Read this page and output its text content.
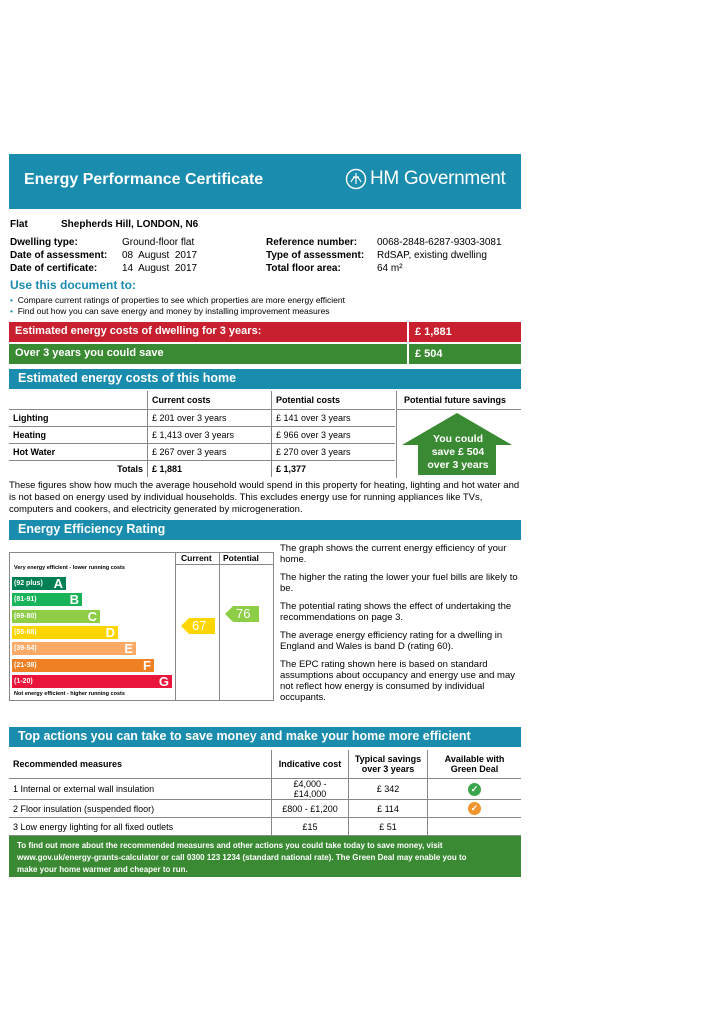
Energy Performance Certificate	HM Government
Flat	Shepherds Hill, LONDON, N6
Dwelling type:	Ground-floor flat
Date of assessment: 08  August  2017
Date of certificate: 14  August  2017
Reference number: 0068-2848-6287-9303-3081
Type of assessment: RdSAP, existing dwelling
Total floor area:	64 m²
Use this document to:
• Compare current ratings of properties to see which properties are more energy efficient
• Find out how you can save energy and money by installing improvement measures
Estimated energy costs of dwelling for 3 years:	£ 1,881
Over 3 years you could save	£ 504
Estimated energy costs of this home
	Current costs	Potential costs
Lighting	£ 201 over 3 years	£ 141 over 3 years
Heating	£ 1,413 over 3 years	£ 966 over 3 years
Hot Water	£ 267 over 3 years	£ 270 over 3 years
Totals	£ 1,881	£ 1,377
Potential future savings
You could
save £ 504
over 3 years
These figures show how much the average household would spend in this property for heating, lighting and hot water and is not based on energy used by individual households. This excludes energy use for running appliances like TVs, computers and cookers, and electricity generated by microgeneration.
Energy Efficiency Rating
Current Potential
Very energy efficient - lower running costs
Not energy efficient - higher running costs
(92 plus) A
(81-91)	B
(69-80)	C
(55-68)	D
(39-54)	E
(21-38)	F
(1-20)	G
67
76

The graph shows the current energy efficiency of your home.

The higher the rating the lower your fuel bills are likely to be.

The potential rating shows the effect of undertaking the recommendations on page 3.

The average energy efficiency rating for a dwelling in England and Wales is band D (rating 60).

The EPC rating shown here is based on standard assumptions about occupancy and energy use and may not reflect how energy is consumed by individual occupants.

Top actions you can take to save money and make your home more efficient
Recommended measures	Indicative cost	Typical savings over 3 years	Available with Green Deal
1 Internal or external wall insulation	£4,000 - £14,000	£ 342	✓
2 Floor insulation (suspended floor)	£800 - £1,200	£ 114	✓
3 Low energy lighting for all fixed outlets	£15	£ 51	
To find out more about the recommended measures and other actions you could take today to save money, visit
www.gov.uk/energy-grants-calculator or call 0300 123 1234 (standard national rate). The Green Deal may enable you to
make your home warmer and cheaper to run.
